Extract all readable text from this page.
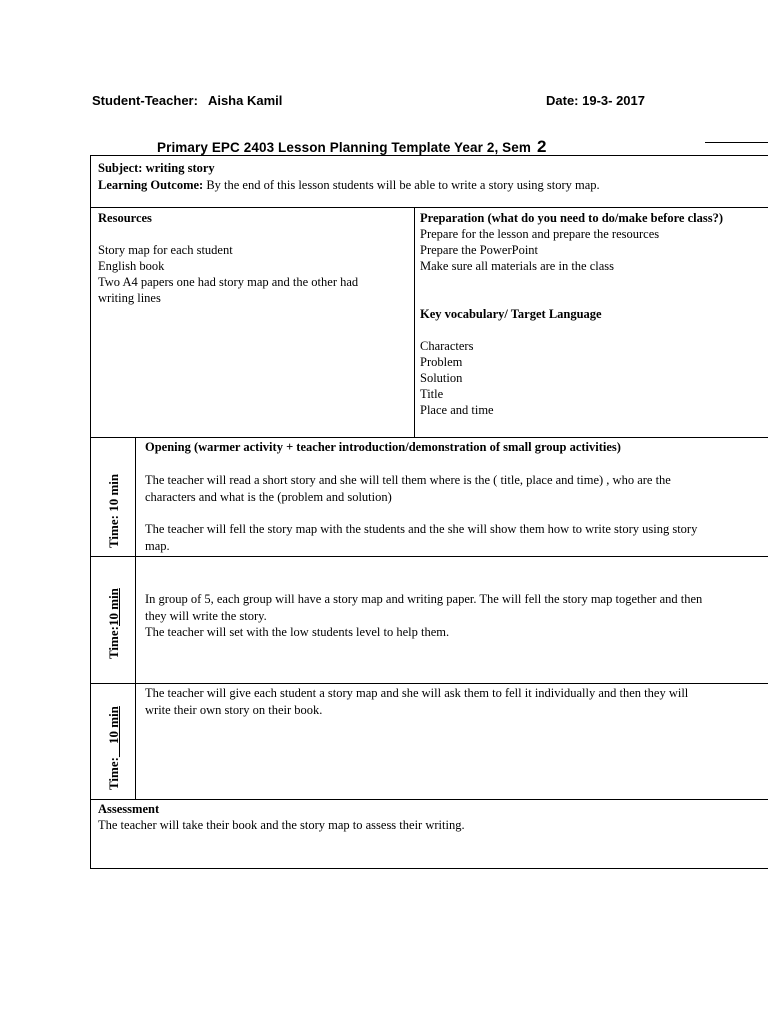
Student-Teacher: Aisha Kamil	Date: 19-3- 2017
Primary EPC 2403 Lesson Planning Template Year 2, Sem 2
Subject: writing story
Learning Outcome: By the end of this lesson students will be able to write a story using story map.
Resources
Story map for each student
English book
Two A4 papers one had story map and the other had
writing lines
Preparation (what do you need to do/make before class?)
Prepare for the lesson and prepare the resources
Prepare the PowerPoint
Make sure all materials are in the class
Key vocabulary/ Target Language
Characters
Problem
Solution
Title
Place and time
Time: 10 min
Opening (warmer activity + teacher introduction/demonstration of small group activities)
The teacher will read a short story and she will tell them where is the ( title, place and time) , who are the
characters and what is the (problem and solution)
The teacher will fell the story map with the students and the she will show them how to write story using story
map.
Time:10 min In group of 5, each group will have a story map and writing paper. The will fell the story map together and then
they will write the story.
The teacher will set with the low students level to help them.
Time:__10 min
The teacher will give each student a story map and she will ask them to fell it individually and then they will
write their own story on their book.
Assessment
The teacher will take their book and the story map to assess their writing.
